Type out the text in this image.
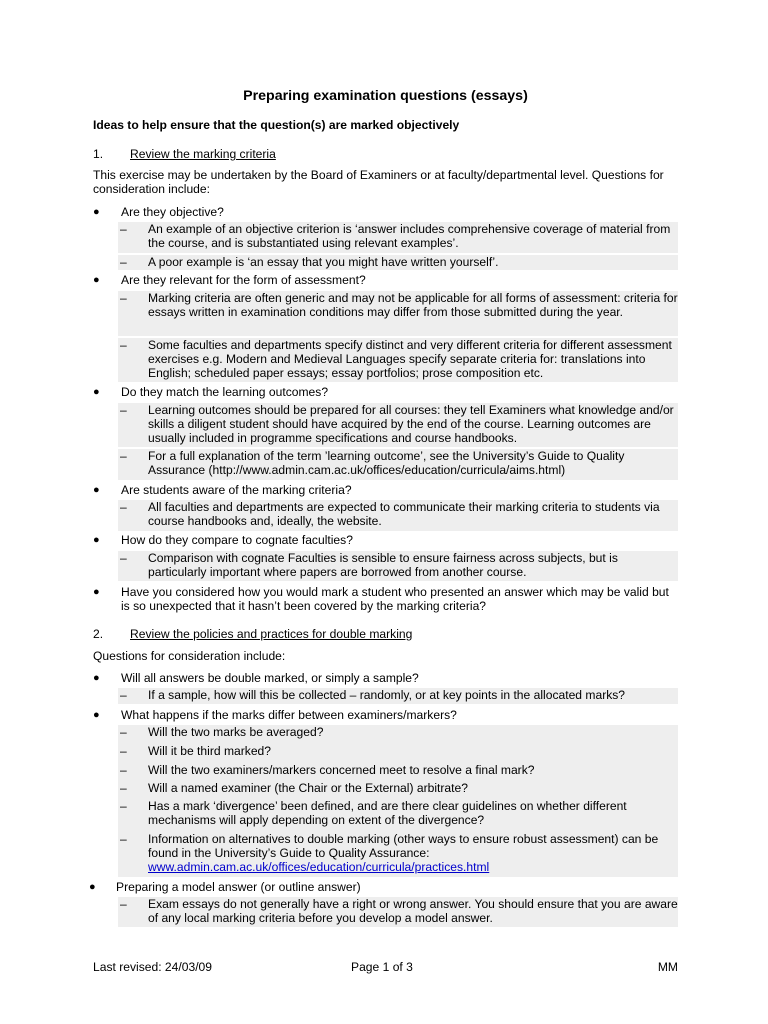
Preparing examination questions (essays)
Ideas to help ensure that the question(s) are marked objectively
1. Review the marking criteria
This exercise may be undertaken by the Board of Examiners or at faculty/departmental level. Questions for consideration include:
● Are they objective?
–	An example of an objective criterion is ‘answer includes comprehensive coverage of material from the course, and is substantiated using relevant examples’.
–	A poor example is ‘an essay that you might have written yourself’.
● Are they relevant for the form of assessment?
–	Marking criteria are often generic and may not be applicable for all forms of assessment: criteria for essays written in examination conditions may differ from those submitted during the year.
–	Some faculties and departments specify distinct and very different criteria for different assessment exercises e.g. Modern and Medieval Languages specify separate criteria for: translations into English; scheduled paper essays; essay portfolios; prose composition etc.
● Do they match the learning outcomes?
–	Learning outcomes should be prepared for all courses: they tell Examiners what knowledge and/or skills a diligent student should have acquired by the end of the course. Learning outcomes are usually included in programme specifications and course handbooks.
–	For a full explanation of the term ’learning outcome’, see the University’s Guide to Quality Assurance (http://www.admin.cam.ac.uk/offices/education/curricula/aims.html)
● Are students aware of the marking criteria?
–	All faculties and departments are expected to communicate their marking criteria to students via course handbooks and, ideally, the website.
● How do they compare to cognate faculties?
–	Comparison with cognate Faculties is sensible to ensure fairness across subjects, but is particularly important where papers are borrowed from another course.
● Have you considered how you would mark a student who presented an answer which may be valid but is so unexpected that it hasn’t been covered by the marking criteria?
2. Review the policies and practices for double marking
Questions for consideration include:
● Will all answers be double marked, or simply a sample?
–	If a sample, how will this be collected – randomly, or at key points in the allocated marks?
● What happens if the marks differ between examiners/markers?
–	Will the two marks be averaged?
–	Will it be third marked?
–	Will the two examiners/markers concerned meet to resolve a final mark?
–	Will a named examiner (the Chair or the External) arbitrate?
–	Has a mark ‘divergence’ been defined, and are there clear guidelines on whether different mechanisms will apply depending on extent of the divergence?
–	Information on alternatives to double marking (other ways to ensure robust assessment) can be found in the University’s Guide to Quality Assurance:
www.admin.cam.ac.uk/offices/education/curricula/practices.html
● Preparing a model answer (or outline answer)
–	Exam essays do not generally have a right or wrong answer. You should ensure that you are aware of any local marking criteria before you develop a model answer.
Last revised: 24/03/09	Page 1 of 3	MM
